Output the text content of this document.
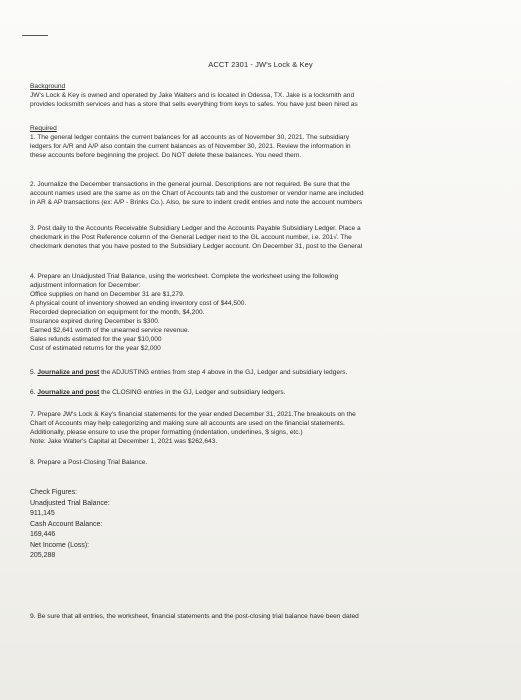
ACCT 2301 - JW's Lock & Key

Background

JW's Lock & Key is owned and operated by Jake Walters and is located in Odessa, TX. Jake is a locksmith and

provides locksmith services and has a store that sells everything from keys to safes. You have just been hired as

Required

1. The general ledger contains the current balances for all accounts as of November 30, 2021. The subsidiary

ledgers for A/R and A/P also contain the current balances as of November 30, 2021. Review the information in

these accounts before beginning the project. Do NOT delete these balances. You need them.

2. Journalize the December transactions in the general journal. Descriptions are not required. Be sure that the

account names used are the same as on the Chart of Accounts tab and the customer or vendor name are included

in AR & AP transactions (ex: A/P - Brinks Co.). Also, be sure to indent credit entries and note the account numbers

3. Post daily to the Accounts Receivable Subsidiary Ledger and the Accounts Payable Subsidiary Ledger. Place a

checkmark in the Post Reference column of the General Ledger next to the GL account number, i.e. 201√. The

checkmark denotes that you have posted to the Subsidiary Ledger account. On December 31, post to the General

4. Prepare an Unadjusted Trial Balance, using the worksheet. Complete the worksheet using the following

adjustment information for December:

Office supplies on hand on December 31 are $1,279.

A physical count of inventory showed an ending inventory cost of $44,500.

Recorded depreciation on equipment for the month, $4,200.

Insurance expired during December is $300.

Earned $2,641 worth of the unearned service revenue.

Sales refunds estimated for the year $10,000

Cost of estimated returns for the year $2,000

5. Journalize and post the ADJUSTING entries from step 4 above in the GJ, Ledger and subsidiary ledgers.

6. Journalize and post the CLOSING entries in the GJ, Ledger and subsidiary ledgers.

7. Prepare JW's Lock & Key's financial statements for the year ended December 31, 2021.The breakouts on the

Chart of Accounts may help categorizing and making sure all accounts are used on the financial statements.

Additionally, please ensure to use the proper formatting (indentation, underlines, $ signs, etc.)

Note: Jake Walter's Capital at December 1, 2021 was $262,643.

8. Prepare a Post-Closing Trial Balance.

Check Figures:

Unadjusted Trial Balance:

911,145

Cash Account Balance:

169,446

Net Income (Loss):

205,288

9. Be sure that all entries, the worksheet, financial statements and the post-closing trial balance have been dated
